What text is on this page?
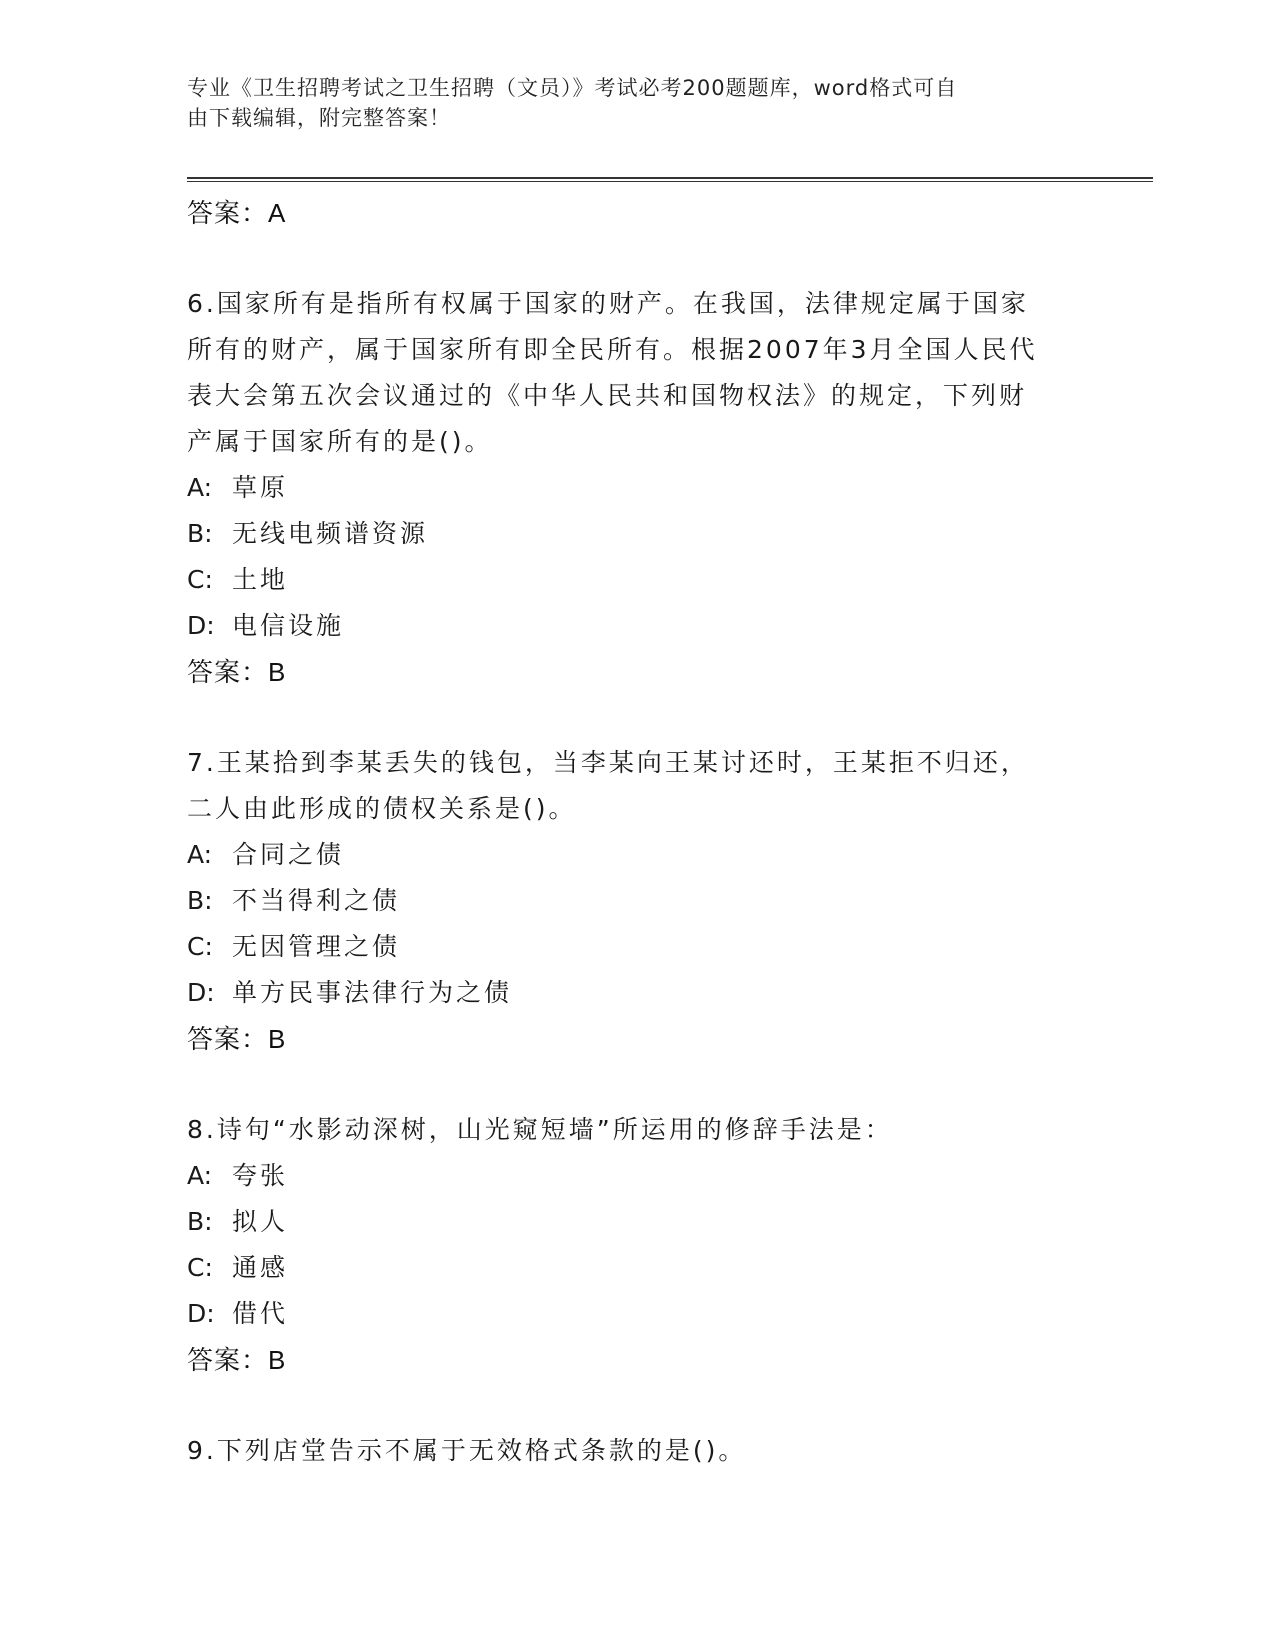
专业《卫生招聘考试之卫生招聘（文员）》考试必考200题题库，word格式可自
由下载编辑，附完整答案！
答案：A
6.国家所有是指所有权属于国家的财产。在我国，法律规定属于国家
所有的财产，属于国家所有即全民所有。根据2007年3月全国人民代
表大会第五次会议通过的《中华人民共和国物权法》的规定，下列财
产属于国家所有的是()。
A: 草原
B: 无线电频谱资源
C: 土地
D: 电信设施
答案：B
7.王某拾到李某丢失的钱包，当李某向王某讨还时，王某拒不归还，
二人由此形成的债权关系是()。
A: 合同之债
B: 不当得利之债
C: 无因管理之债
D: 单方民事法律行为之债
答案：B
8.诗句“水影动深树，山光窥短墙”所运用的修辞手法是：
A: 夸张
B: 拟人
C: 通感
D: 借代
答案：B
9.下列店堂告示不属于无效格式条款的是()。
